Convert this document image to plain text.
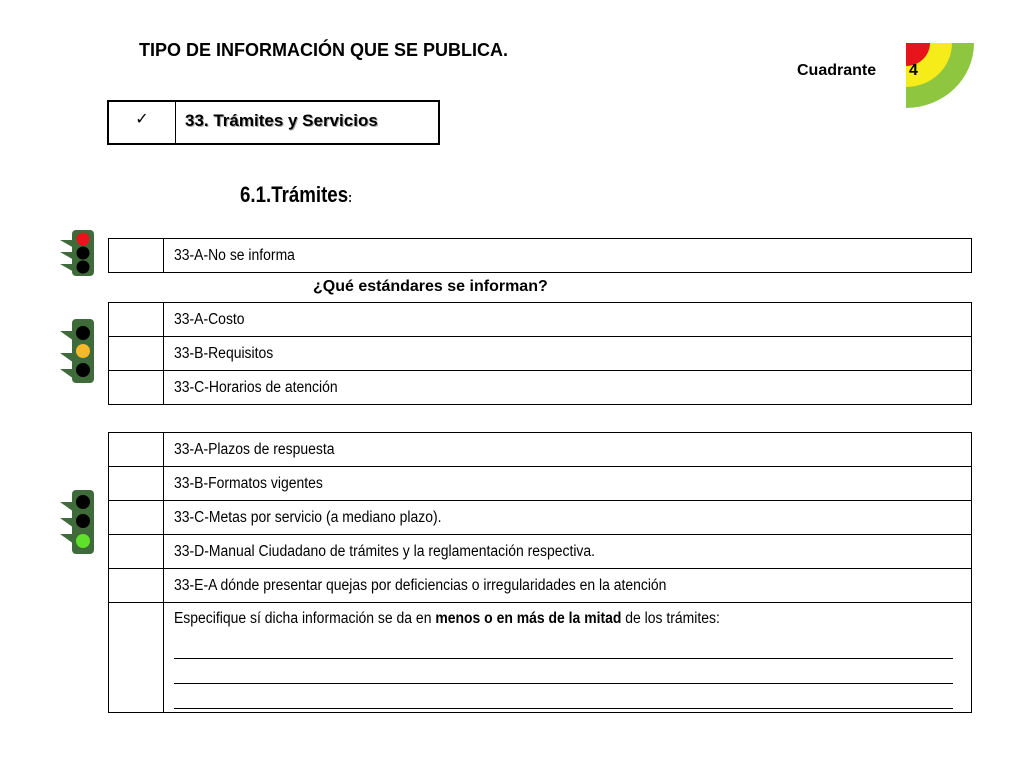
TIPO DE INFORMACIÓN QUE SE PUBLICA.
Cuadrante 4
✓	33. Trámites y Servicios
6.1.Trámites:
	33-A-No se informa
¿Qué estándares se informan?
	33-A-Costo
	33-B-Requisitos
	33-C-Horarios de atención
	33-A-Plazos de respuesta
	33-B-Formatos vigentes
	33-C-Metas por servicio (a mediano plazo).
	33-D-Manual Ciudadano de trámites y la reglamentación respectiva.
	33-E-A dónde presentar quejas por deficiencias o irregularidades en la atención
	Especifique sí dicha información se da en menos o en más de la mitad de los trámites:
